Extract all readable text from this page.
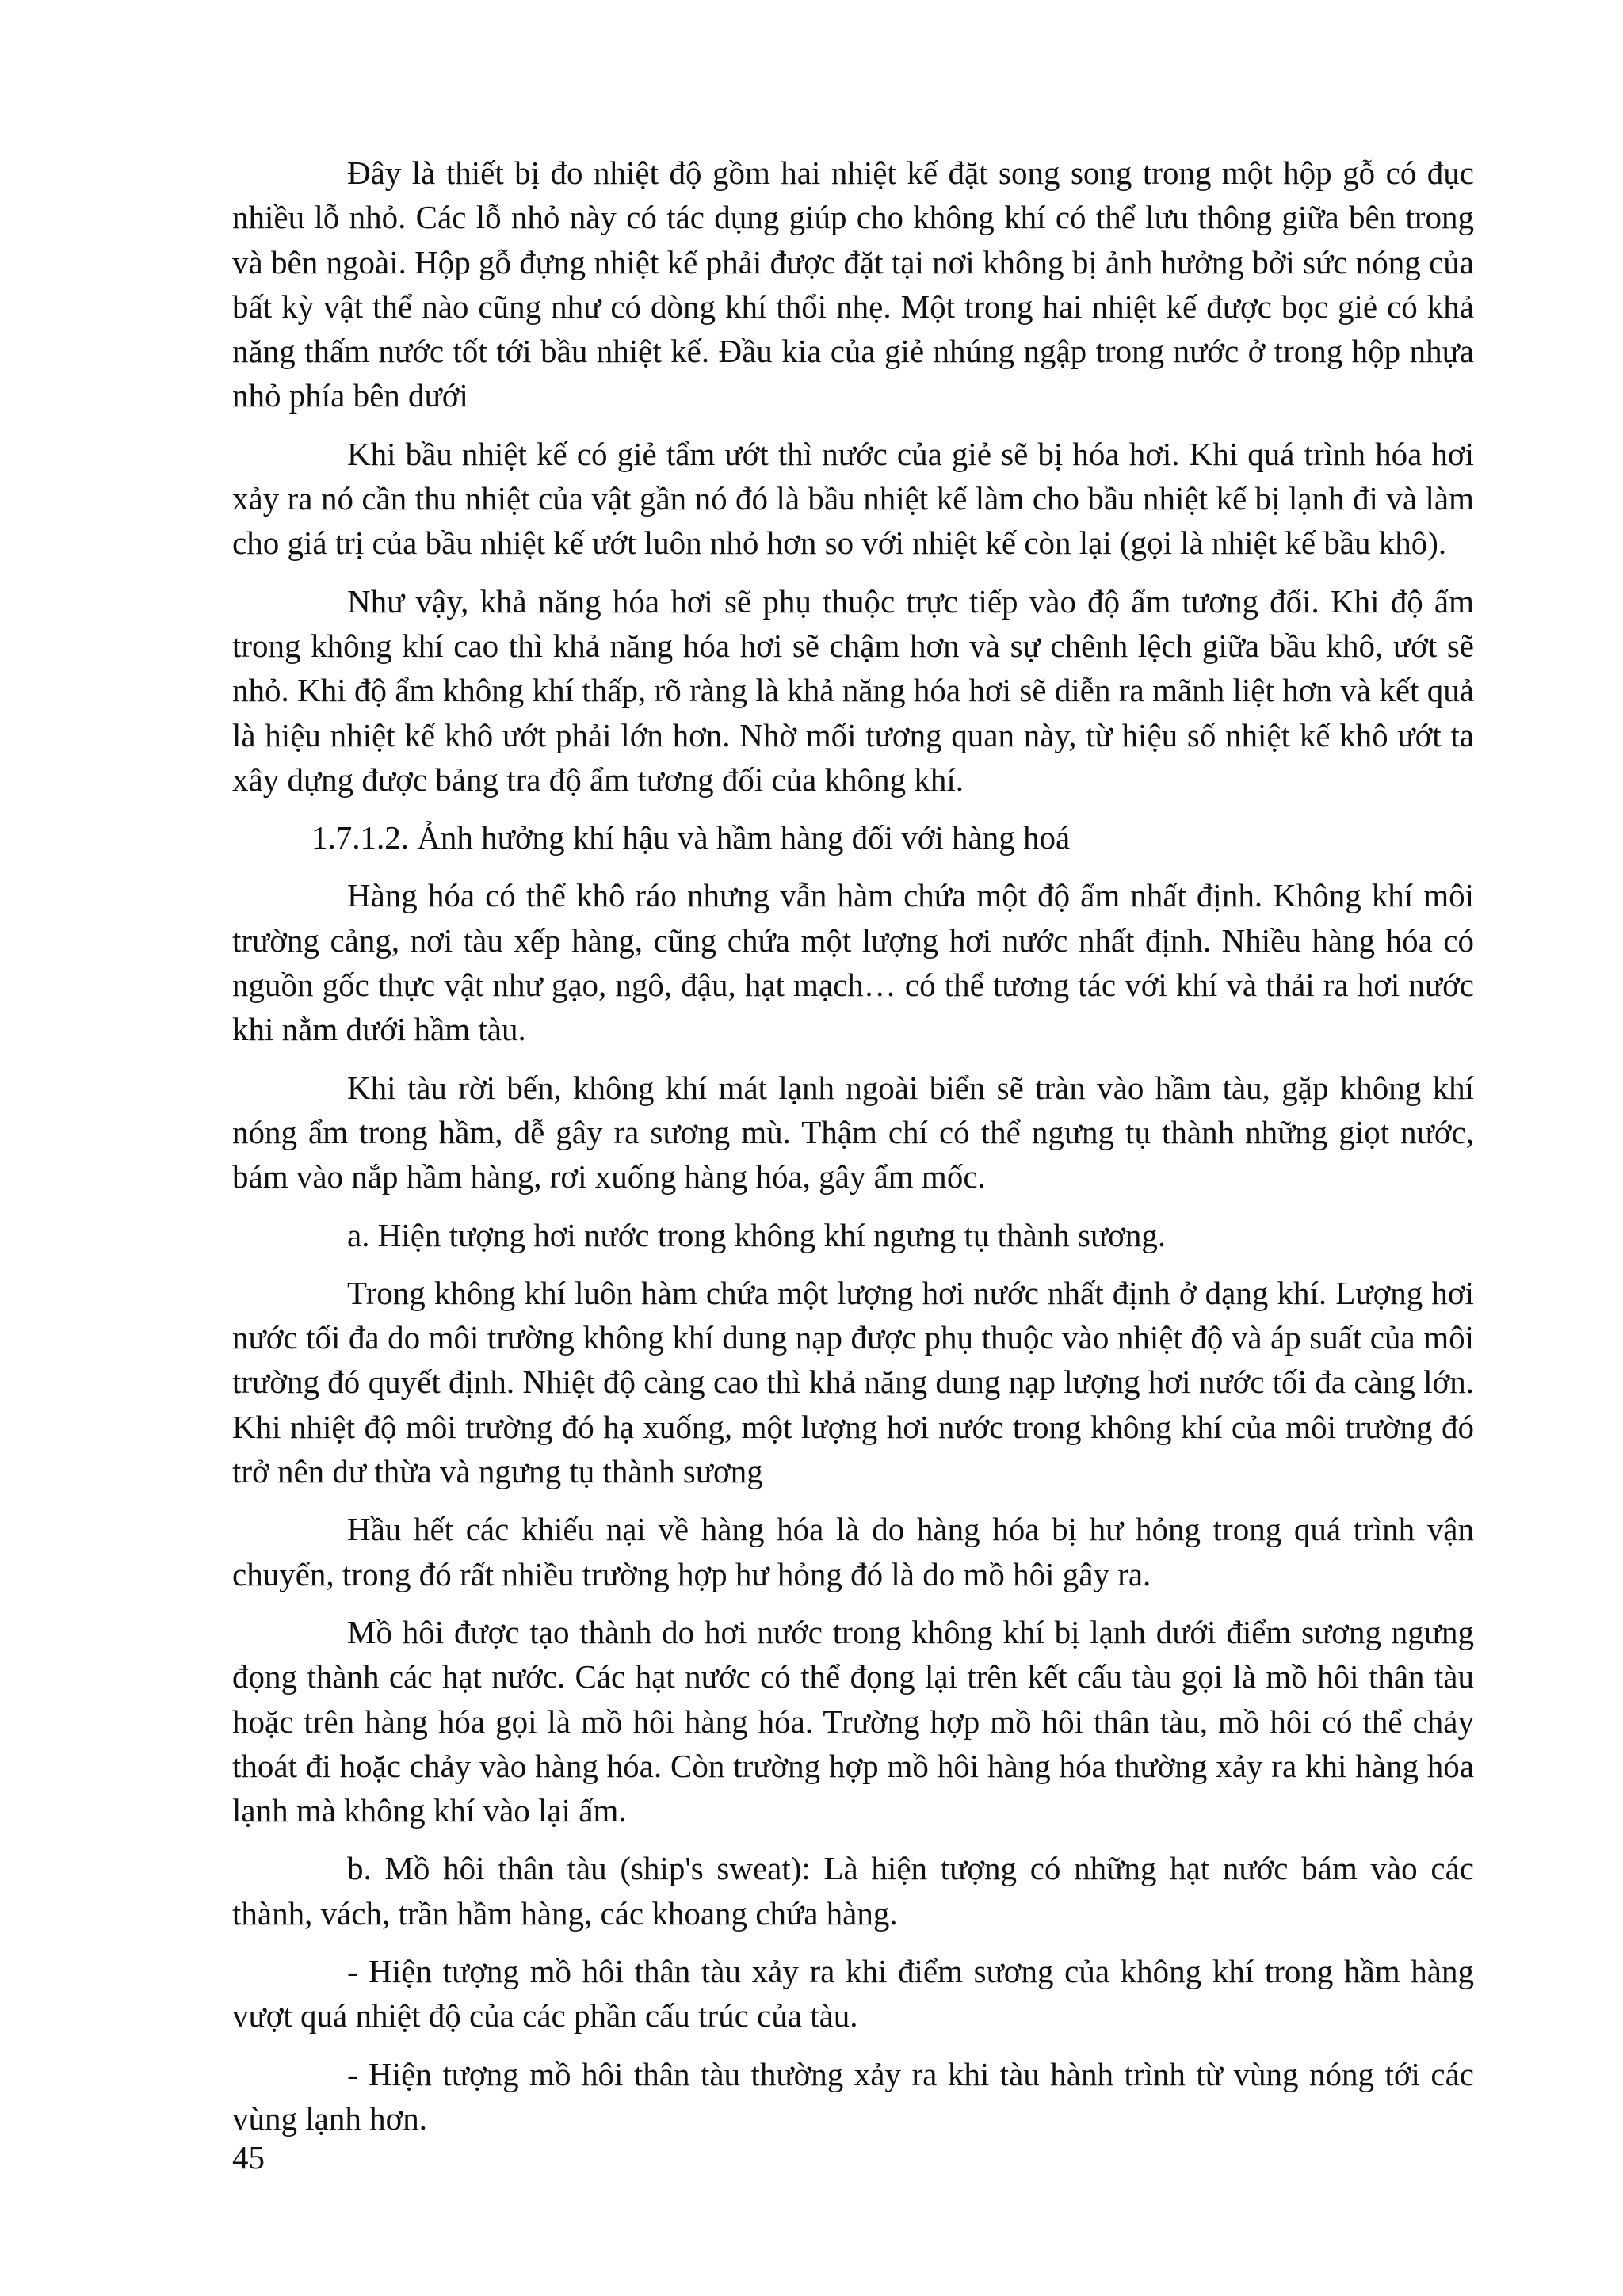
Đây là thiết bị đo nhiệt độ gồm hai nhiệt kế đặt song song trong một hộp gỗ có đục nhiều lỗ nhỏ. Các lỗ nhỏ này có tác dụng giúp cho không khí có thể lưu thông giữa bên trong và bên ngoài. Hộp gỗ đựng nhiệt kế phải được đặt tại nơi không bị ảnh hưởng bởi sức nóng của bất kỳ vật thể nào cũng như có dòng khí thổi nhẹ. Một trong hai nhiệt kế được bọc giẻ có khả năng thấm nước tốt tới bầu nhiệt kế. Đầu kia của giẻ nhúng ngập trong nước ở trong hộp nhựa nhỏ phía bên dưới

Khi bầu nhiệt kế có giẻ tẩm ướt thì nước của giẻ sẽ bị hóa hơi. Khi quá trình hóa hơi xảy ra nó cần thu nhiệt của vật gần nó đó là bầu nhiệt kế làm cho bầu nhiệt kế bị lạnh đi và làm cho giá trị của bầu nhiệt kế ướt luôn nhỏ hơn so với nhiệt kế còn lại (gọi là nhiệt kế bầu khô).

Như vậy, khả năng hóa hơi sẽ phụ thuộc trực tiếp vào độ ẩm tương đối. Khi độ ẩm trong không khí cao thì khả năng hóa hơi sẽ chậm hơn và sự chênh lệch giữa bầu khô, ướt sẽ nhỏ. Khi độ ẩm không khí thấp, rõ ràng là khả năng hóa hơi sẽ diễn ra mãnh liệt hơn và kết quả là hiệu nhiệt kế khô ướt phải lớn hơn. Nhờ mối tương quan này, từ hiệu số nhiệt kế khô ướt ta xây dựng được bảng tra độ ẩm tương đối của không khí.

1.7.1.2. Ảnh hưởng khí hậu và hầm hàng đối với hàng hoá

Hàng hóa có thể khô ráo nhưng vẫn hàm chứa một độ ẩm nhất định. Không khí môi trường cảng, nơi tàu xếp hàng, cũng chứa một lượng hơi nước nhất định. Nhiều hàng hóa có nguồn gốc thực vật như gạo, ngô, đậu, hạt mạch… có thể tương tác với khí và thải ra hơi nước khi nằm dưới hầm tàu.

Khi tàu rời bến, không khí mát lạnh ngoài biển sẽ tràn vào hầm tàu, gặp không khí nóng ẩm trong hầm, dễ gây ra sương mù. Thậm chí có thể ngưng tụ thành những giọt nước, bám vào nắp hầm hàng, rơi xuống hàng hóa, gây ẩm mốc.

a. Hiện tượng hơi nước trong không khí ngưng tụ thành sương.

Trong không khí luôn hàm chứa một lượng hơi nước nhất định ở dạng khí. Lượng hơi nước tối đa do môi trường không khí dung nạp được phụ thuộc vào nhiệt độ và áp suất của môi trường đó quyết định. Nhiệt độ càng cao thì khả năng dung nạp lượng hơi nước tối đa càng lớn. Khi nhiệt độ môi trường đó hạ xuống, một lượng hơi nước trong không khí của môi trường đó trở nên dư thừa và ngưng tụ thành sương

Hầu hết các khiếu nại về hàng hóa là do hàng hóa bị hư hỏng trong quá trình vận chuyển, trong đó rất nhiều trường hợp hư hỏng đó là do mồ hôi gây ra.

Mồ hôi được tạo thành do hơi nước trong không khí bị lạnh dưới điểm sương ngưng đọng thành các hạt nước. Các hạt nước có thể đọng lại trên kết cấu tàu gọi là mồ hôi thân tàu hoặc trên hàng hóa gọi là mồ hôi hàng hóa. Trường hợp mồ hôi thân tàu, mồ hôi có thể chảy thoát đi hoặc chảy vào hàng hóa. Còn trường hợp mồ hôi hàng hóa thường xảy ra khi hàng hóa lạnh mà không khí vào lại ấm.

b. Mồ hôi thân tàu (ship's sweat): Là hiện tượng có những hạt nước bám vào các thành, vách, trần hầm hàng, các khoang chứa hàng.

- Hiện tượng mồ hôi thân tàu xảy ra khi điểm sương của không khí trong hầm hàng vượt quá nhiệt độ của các phần cấu trúc của tàu.

- Hiện tượng mồ hôi thân tàu thường xảy ra khi tàu hành trình từ vùng nóng tới các vùng lạnh hơn.

45
